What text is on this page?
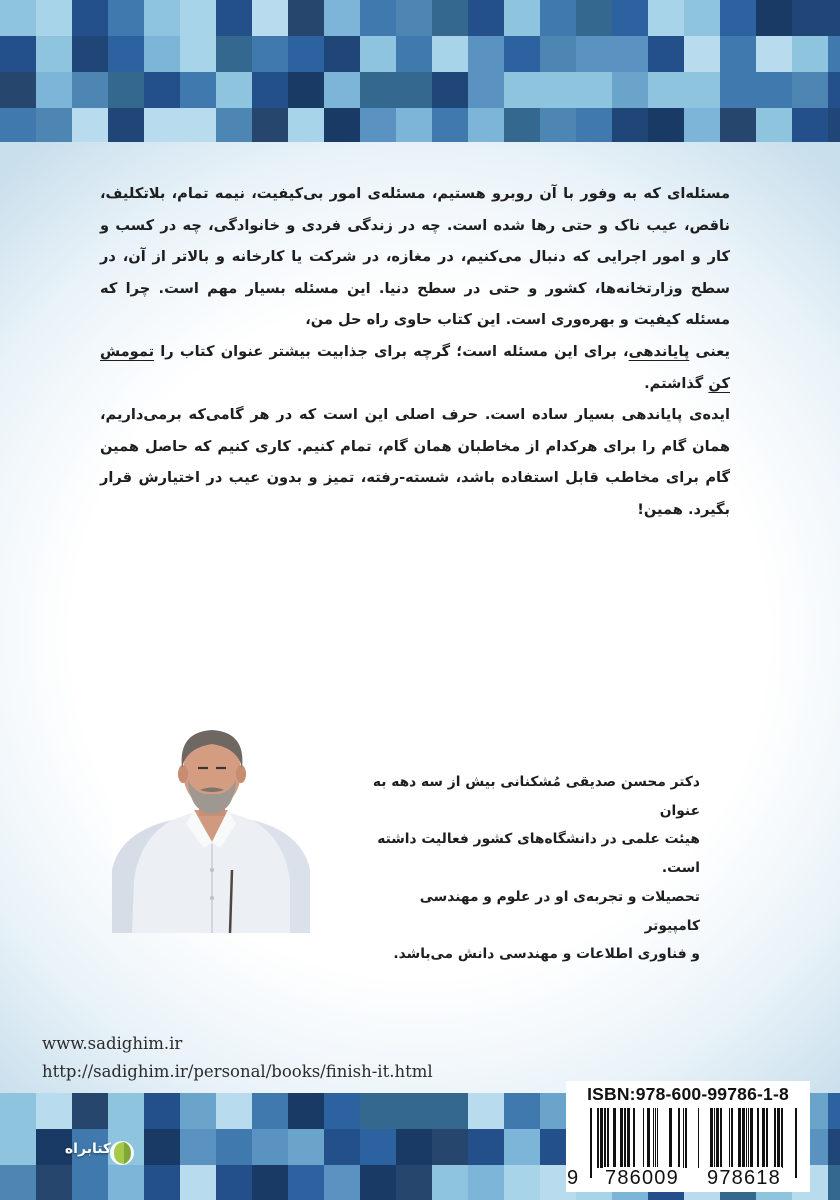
مسئله‌ای که به وفور با آن روبرو هستیم، مسئله‌ی امور بی‌کیفیت، نیمه تمام، بلاتکلیف، ناقص، عیب ناک و حتی رها شده است. چه در زندگی فردی و خانوادگی، چه در کسب و کار و امور اجرایی که دنبال می‌کنیم، در مغازه، در شرکت یا کارخانه و بالاتر از آن، در سطح وزارتخانه‌ها، کشور و حتی در سطح دنیا. این مسئله بسیار مهم است. چرا که مسئله کیفیت و بهره‌وری است. این کتاب حاوی راه حل من،

یعنی پایاندهی، برای این مسئله است؛ گرچه برای جذابیت بیشتر عنوان کتاب را تمومش کن گذاشتم.

ایده‌ی پایاندهی بسیار ساده است. حرف اصلی این است که در هر گامی‌که برمی‌داریم، همان گام را برای هرکدام از مخاطبان همان گام، تمام کنیم. کاری کنیم که حاصل همین گام برای مخاطب قابل استفاده باشد، شسته-رفته، تمیز و بدون عیب در اختیارش قرار بگیرد. همین!

دکتر محسن صدیقی مُشکنانی بیش از سه دهه به عنوان

هیئت علمی در دانشگاه‌های کشور فعالیت داشته است.

تحصیلات و تجربه‌ی او در علوم و مهندسی کامپیوتر

و فناوری اطلاعات و مهندسی دانش می‌باشد.

www.sadighim.ir
http://sadighim.ir/personal/books/finish-it.html
ISBN:978-600-99786-1-8
9 786009 978618
کتابراه
